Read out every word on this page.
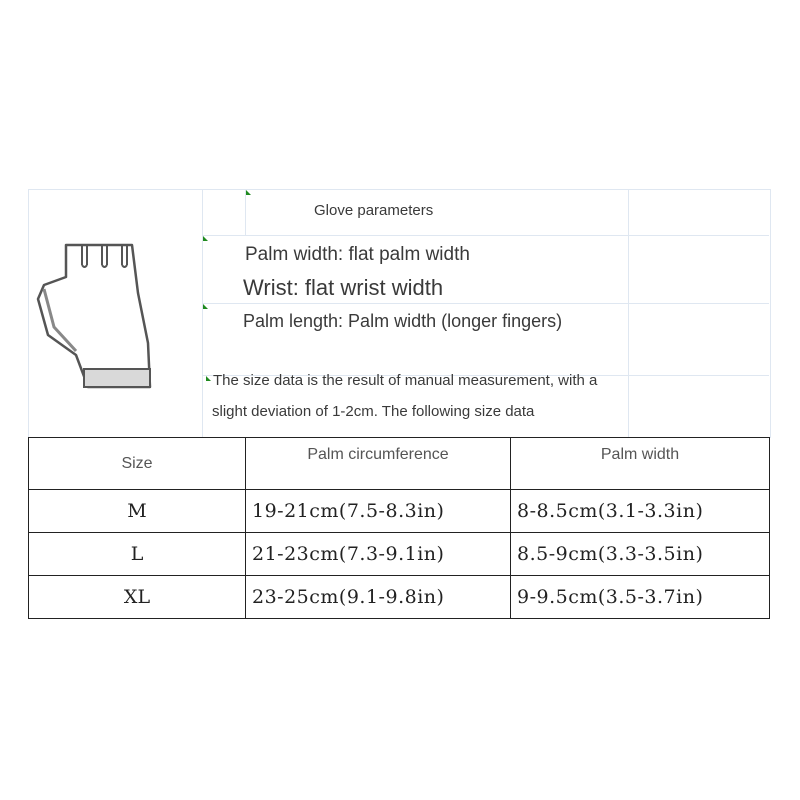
Glove parameters
Palm width: flat palm width
Wrist: flat wrist width
Palm length: Palm width (longer fingers)
The size data is the result of manual measurement, with a
slight deviation of 1-2cm. The following size data
Size	Palm circumference	Palm width
M	19-21cm(7.5-8.3in)	8-8.5cm(3.1-3.3in)
L	21-23cm(7.3-9.1in)	8.5-9cm(3.3-3.5in)
XL	23-25cm(9.1-9.8in)	9-9.5cm(3.5-3.7in)
